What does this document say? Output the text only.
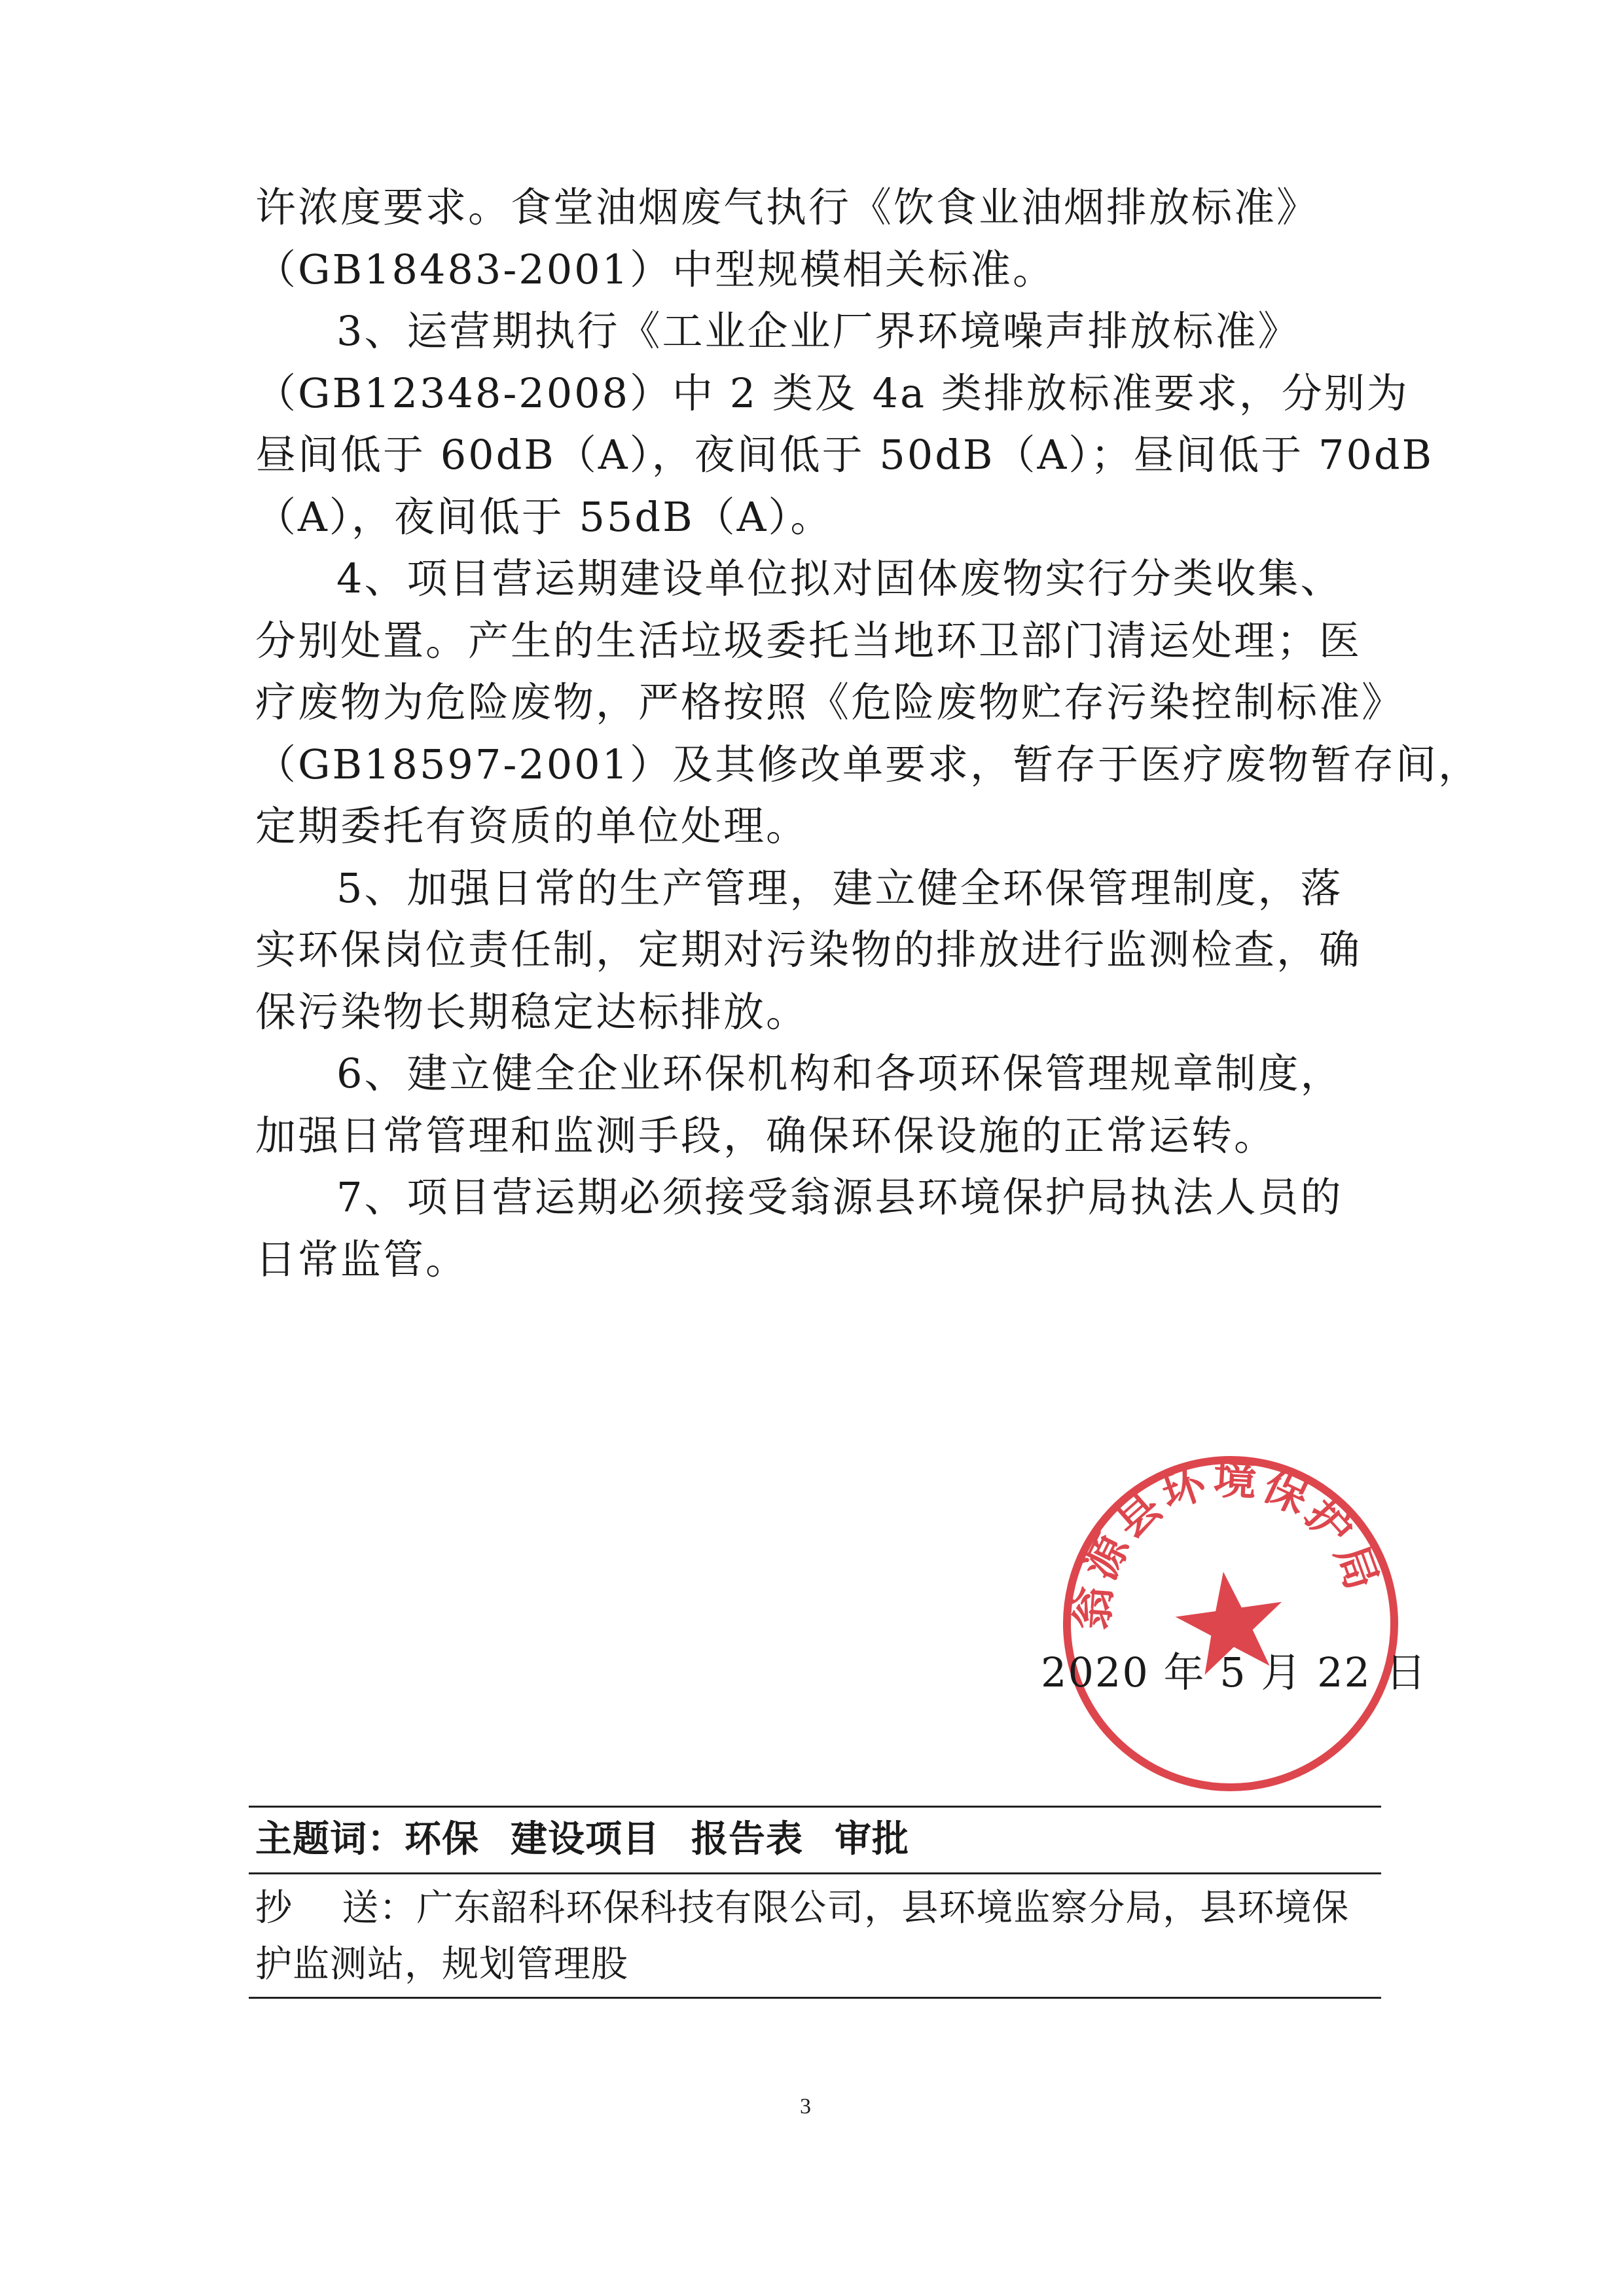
许浓度要求。食堂油烟废气执行《饮食业油烟排放标准》
（GB18483-2001）中型规模相关标准。
3、运营期执行《工业企业厂界环境噪声排放标准》
（GB12348-2008）中 2 类及 4a 类排放标准要求，分别为
昼间低于 60dB（A），夜间低于 50dB（A）；昼间低于 70dB
（A），夜间低于 55dB（A）。
4、项目营运期建设单位拟对固体废物实行分类收集、
分别处置。产生的生活垃圾委托当地环卫部门清运处理；医
疗废物为危险废物，严格按照《危险废物贮存污染控制标准》
（GB18597-2001）及其修改单要求，暂存于医疗废物暂存间，
定期委托有资质的单位处理。
5、加强日常的生产管理，建立健全环保管理制度，落
实环保岗位责任制，定期对污染物的排放进行监测检查，确
保污染物长期稳定达标排放。
6、建立健全企业环保机构和各项环保管理规章制度，
加强日常管理和监测手段，确保环保设施的正常运转。
7、项目营运期必须接受翁源县环境保护局执法人员的
日常监管。
翁源县环境保护局
2020 年 5 月 22 日
主题词：环保 建设项目 报告表 审批
抄    送：广东韶科环保科技有限公司，县环境监察分局，县环境保
护监测站，规划管理股
3
